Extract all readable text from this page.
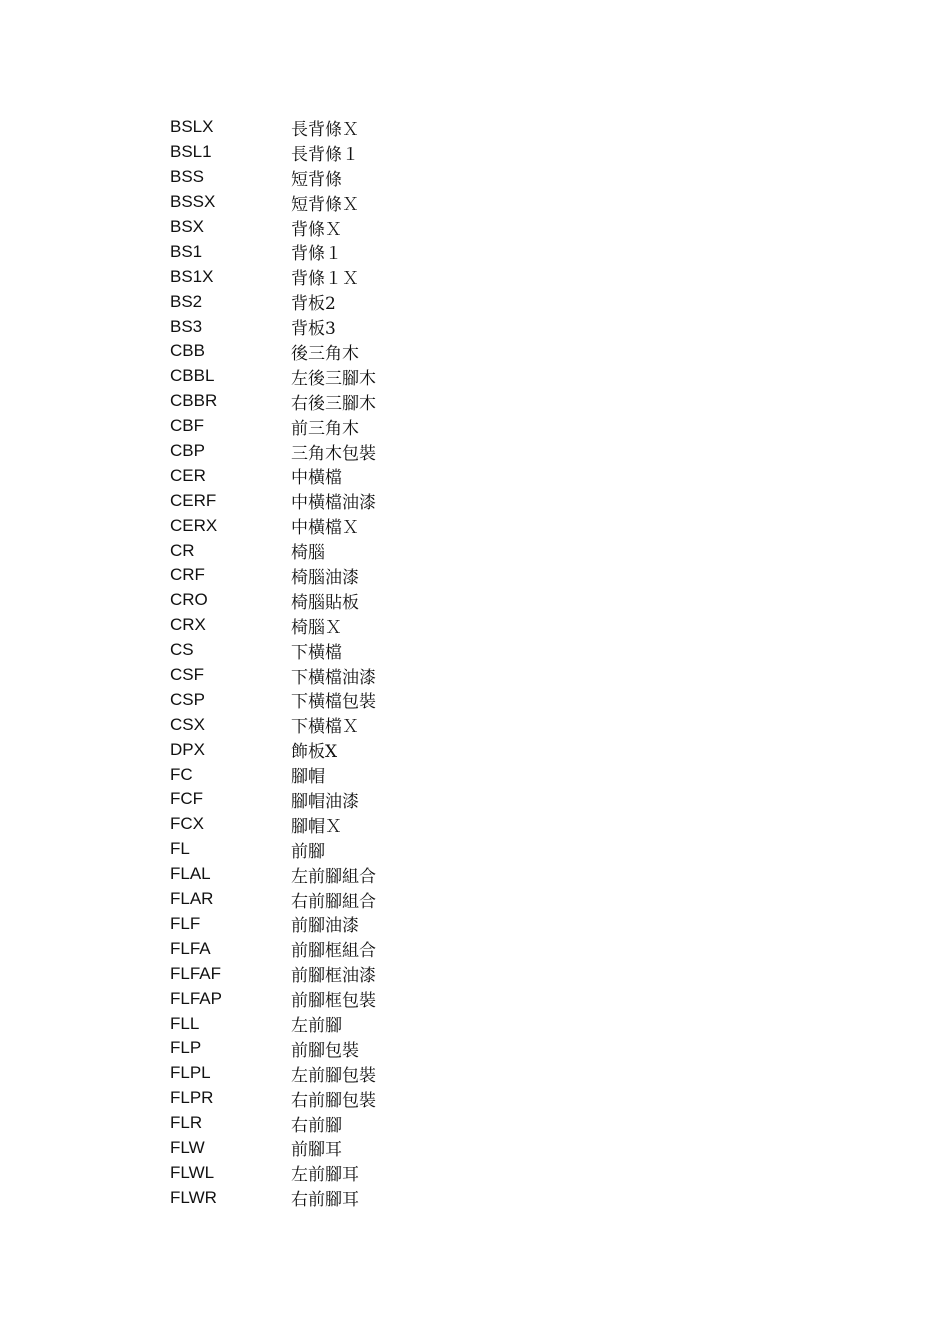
BSLX	長背條Ｘ
BSL1	長背條１
BSS	短背條
BSSX	短背條Ｘ
BSX	背條Ｘ
BS1	背條１
BS1X	背條１Ｘ
BS2	背板2
BS3	背板3
CBB	後三角木
CBBL	左後三腳木
CBBR	右後三腳木
CBF	前三角木
CBP	三角木包裝
CER	中橫檔
CERF	中橫檔油漆
CERX	中橫檔Ｘ
CR	椅腦
CRF	椅腦油漆
CRO	椅腦貼板
CRX	椅腦Ｘ
CS	下橫檔
CSF	下橫檔油漆
CSP	下橫檔包裝
CSX	下橫檔Ｘ
DPX	飾板X
FC	腳帽
FCF	腳帽油漆
FCX	腳帽Ｘ
FL	前腳
FLAL	左前腳組合
FLAR	右前腳組合
FLF	前腳油漆
FLFA	前腳框組合
FLFAF	前腳框油漆
FLFAP	前腳框包裝
FLL	左前腳
FLP	前腳包裝
FLPL	左前腳包裝
FLPR	右前腳包裝
FLR	右前腳
FLW	前腳耳
FLWL	左前腳耳
FLWR	右前腳耳
